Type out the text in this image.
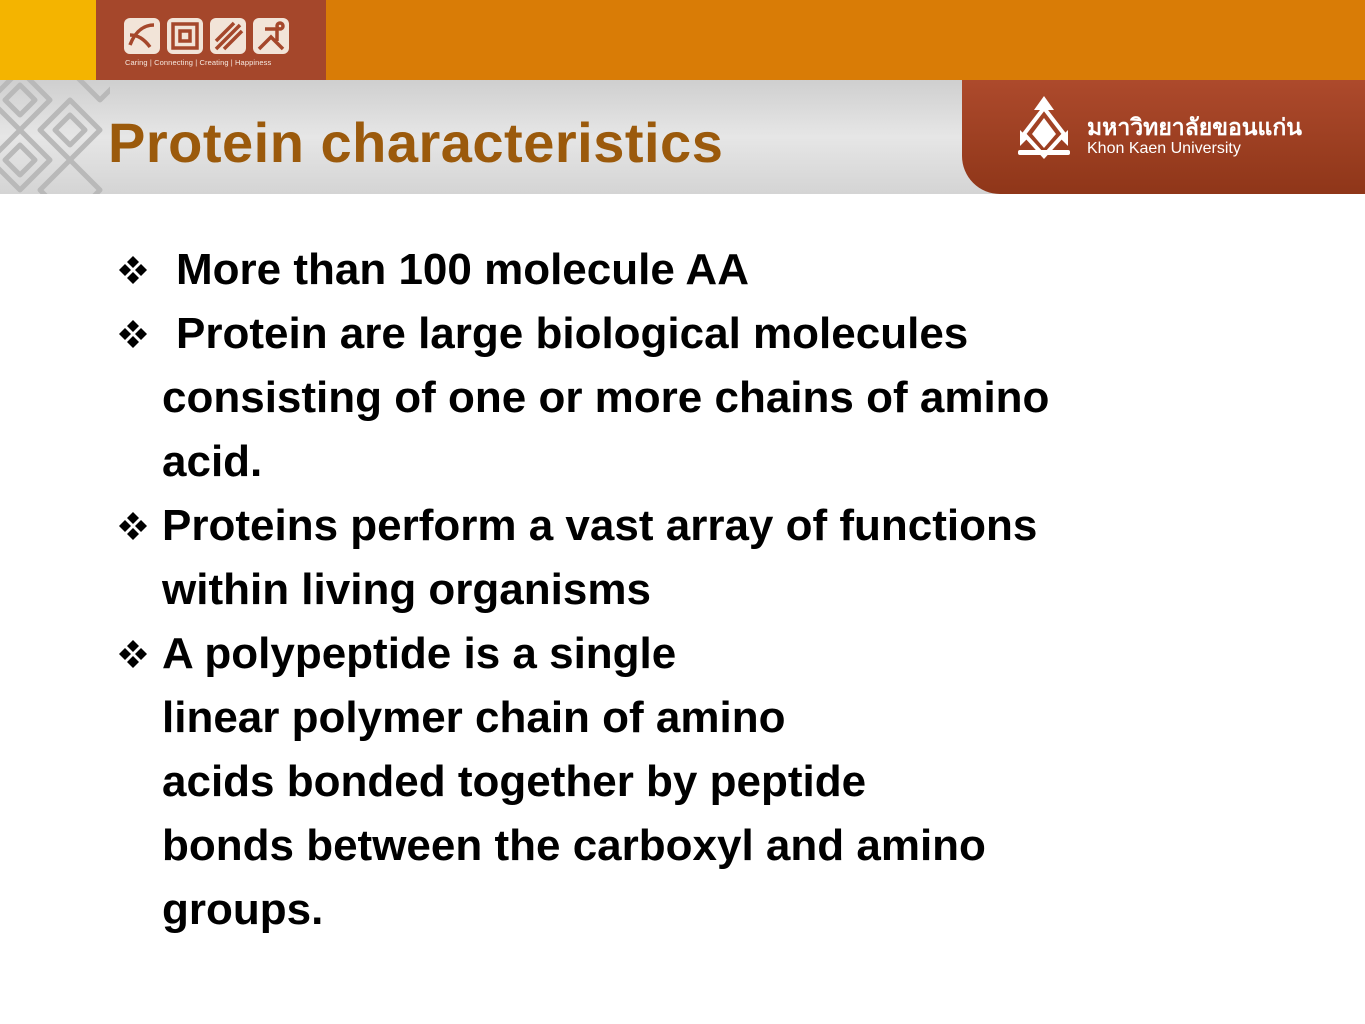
Caring | Connecting | Creating | Happiness
Protein characteristics	มหาวิทยาลัยขอนแก่น
Khon Kaen University
More than 100 molecule AA
Protein are large biological molecules
consisting of one or more chains of amino
acid.
Proteins perform a vast array of functions
within living organisms
A polypeptide is a single
linear polymer chain of amino
acids bonded together by peptide
bonds between the carboxyl and amino
groups.
